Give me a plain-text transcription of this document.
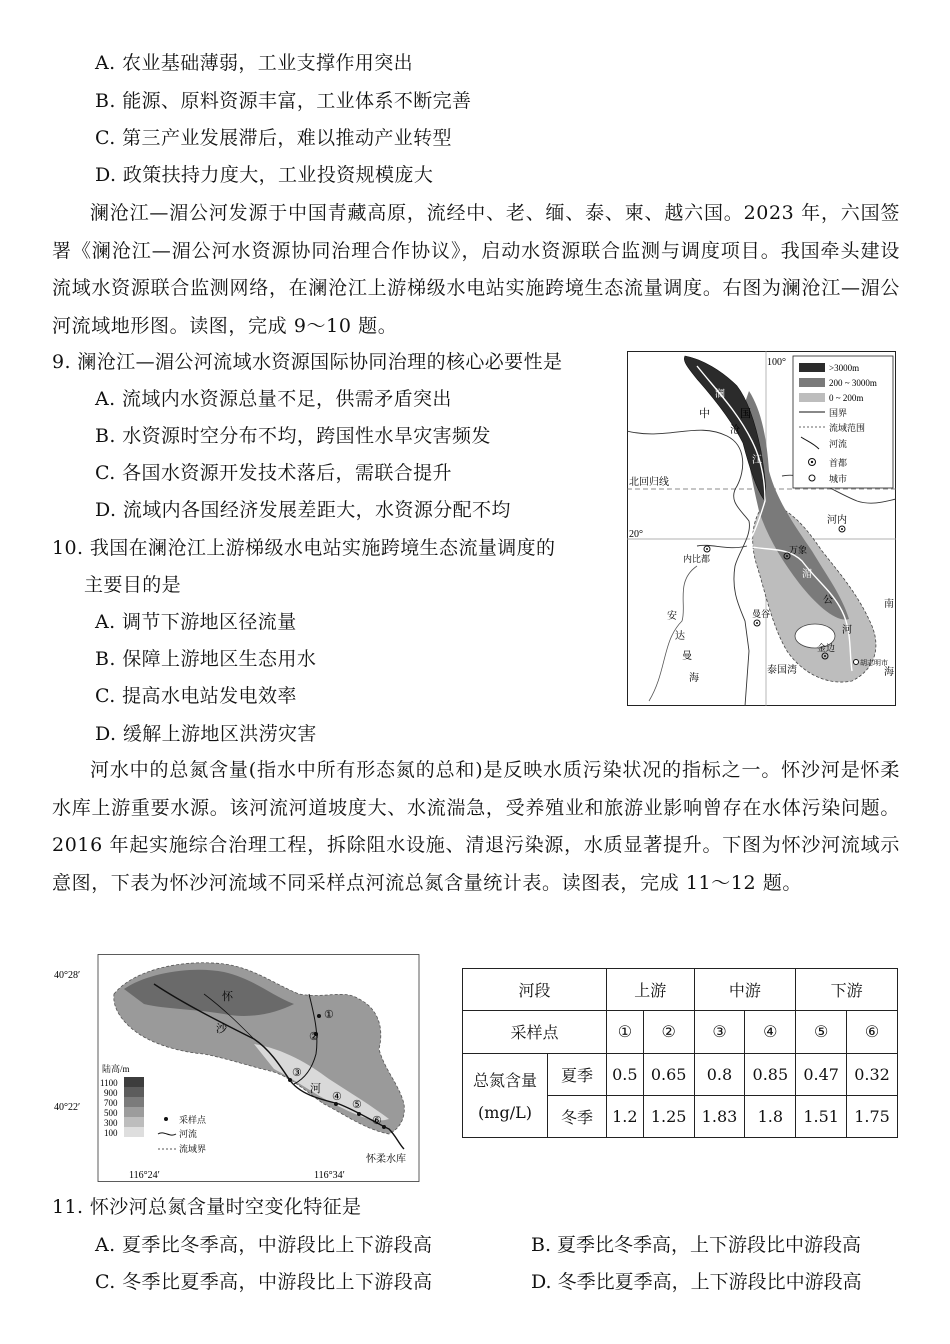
A. 农业基础薄弱，工业支撑作用突出
B. 能源、原料资源丰富，工业体系不断完善
C. 第三产业发展滞后，难以推动产业转型
D. 政策扶持力度大，工业投资规模庞大
澜沧江—湄公河发源于中国青藏高原，流经中、老、缅、泰、柬、越六国。2023 年，六国签署《澜沧江—湄公河水资源协同治理合作协议》，启动水资源联合监测与调度项目。我国牵头建设流域水资源联合监测网络，在澜沧江上游梯级水电站实施跨境生态流量调度。右图为澜沧江—湄公河流域地形图。读图，完成 9～10 题。
9. 澜沧江—湄公河流域水资源国际协同治理的核心必要性是
A. 流域内水资源总量不足，供需矛盾突出
B. 水资源时空分布不均，跨国性水旱灾害频发
C. 各国水资源开发技术落后，需联合提升
D. 流域内各国经济发展差距大，水资源分配不均
10. 我国在澜沧江上游梯级水电站实施跨境生态流量调度的
主要目的是
A. 调节下游地区径流量
B. 保障上游地区生态用水
C. 提高水电站发电效率
D. 缓解上游地区洪涝灾害
100°
20°
北回归线
中	国
澜
沧
江
湄
公
河
河内
内比都
万象
曼谷
金边
胡志明市
安
达
曼
海
泰国湾
南
海
>3000m
200 ~ 3000m
0 ~ 200m
国界
流域范围
河流
首都
城市
河水中的总氮含量(指水中所有形态氮的总和)是反映水质污染状况的指标之一。怀沙河是怀柔水库上游重要水源。该河流河道坡度大、水流湍急，受养殖业和旅游业影响曾存在水体污染问题。2016 年起实施综合治理工程，拆除阻水设施、清退污染源，水质显著提升。下图为怀沙河流域示意图，下表为怀沙河流域不同采样点河流总氮含量统计表。读图表，完成 11～12 题。
40°28′
40°22′
①
②
③
④
⑤
⑥
怀
沙
河
怀柔水库
陆高/m
1100
900
700
500
300
100
采样点
河流
流域界
116°24′	116°34′
河段		上游		中游		下游	
采样点		①	②	③	④	⑤	⑥

总氮含量
(mg/L)	夏季	0.5	0.65	0.8	0.85	0.47	0.32
	冬季	1.2	1.25	1.83	1.8	1.51	1.75
11. 怀沙河总氮含量时空变化特征是
A. 夏季比冬季高，中游段比上下游段高	B. 夏季比冬季高，上下游段比中游段高
C. 冬季比夏季高，中游段比上下游段高	D. 冬季比夏季高，上下游段比中游段高
